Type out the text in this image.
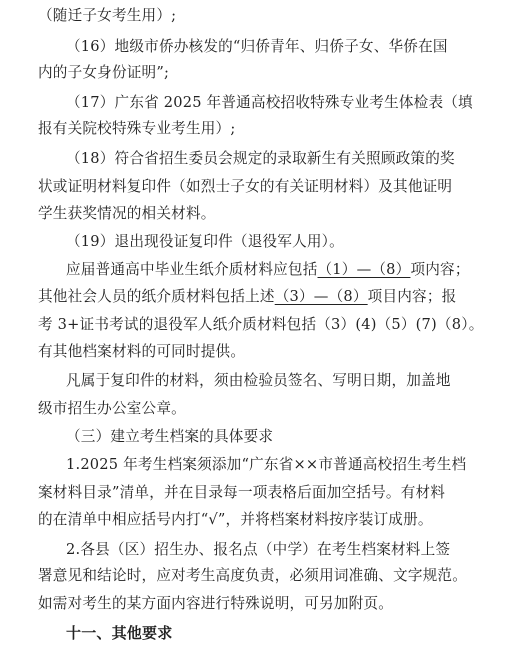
（随迁子女考生用）;
（16）地级市侨办核发的“归侨青年、归侨子女、华侨在国
内的子女身份证明”;
（17）广东省 2025 年普通高校招收特殊专业考生体检表（填
报有关院校特殊专业考生用）;
（18）符合省招生委员会规定的录取新生有关照顾政策的奖
状或证明材料复印件（如烈士子女的有关证明材料）及其他证明
学生获奖情况的相关材料。
（19）退出现役证复印件（退役军人用）。
应届普通高中毕业生纸介质材料应包括（1）—（8）项内容；
其他社会人员的纸介质材料包括上述（3）—（8）项目内容；报
考 3+证书考试的退役军人纸介质材料包括（3）(4)（5）(7)（8）。
有其他档案材料的可同时提供。
凡属于复印件的材料，须由检验员签名、写明日期，加盖地
级市招生办公室公章。
（三）建立考生档案的具体要求
1.2025 年考生档案须添加“广东省××市普通高校招生考生档
案材料目录”清单，并在目录每一项表格后面加空括号。有材料
的在清单中相应括号内打“√”，并将档案材料按序装订成册。
2.各县（区）招生办、报名点（中学）在考生档案材料上签
署意见和结论时，应对考生高度负责，必须用词准确、文字规范。
如需对考生的某方面内容进行特殊说明，可另加附页。
十一、其他要求
